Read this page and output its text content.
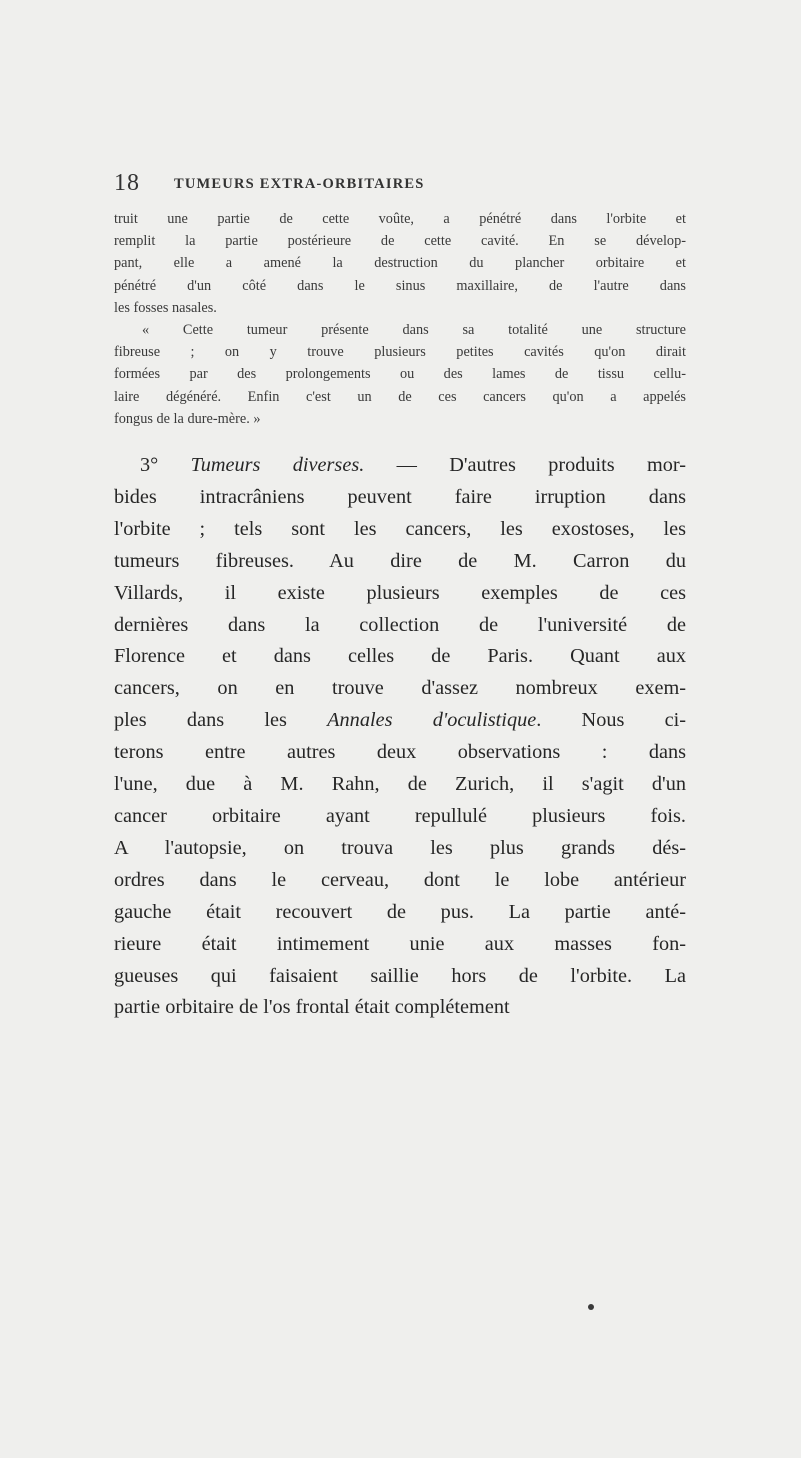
18 TUMEURS EXTRA-ORBITAIRES
truit une partie de cette voûte, a pénétré dans l'orbite et
remplit la partie postérieure de cette cavité. En se dévelop-
pant, elle a amené la destruction du plancher orbitaire et
pénétré d'un côté dans le sinus maxillaire, de l'autre dans
les fosses nasales.
« Cette tumeur présente dans sa totalité une structure
fibreuse ; on y trouve plusieurs petites cavités qu'on dirait
formées par des prolongements ou des lames de tissu cellu-
laire dégénéré. Enfin c'est un de ces cancers qu'on a appelés
fongus de la dure-mère. »
3° Tumeurs diverses. — D'autres produits mor-
bides intracrâniens peuvent faire irruption dans
l'orbite ; tels sont les cancers, les exostoses, les
tumeurs fibreuses. Au dire de M. Carron du
Villards, il existe plusieurs exemples de ces
dernières dans la collection de l'université de
Florence et dans celles de Paris. Quant aux
cancers, on en trouve d'assez nombreux exem-
ples dans les Annales d'oculistique. Nous ci-
terons entre autres deux observations : dans
l'une, due à M. Rahn, de Zurich, il s'agit d'un
cancer orbitaire ayant repullulé plusieurs fois.
A l'autopsie, on trouva les plus grands dés-
ordres dans le cerveau, dont le lobe antérieur
gauche était recouvert de pus. La partie anté-
rieure était intimement unie aux masses fon-
gueuses qui faisaient saillie hors de l'orbite. La
partie orbitaire de l'os frontal était complétement
